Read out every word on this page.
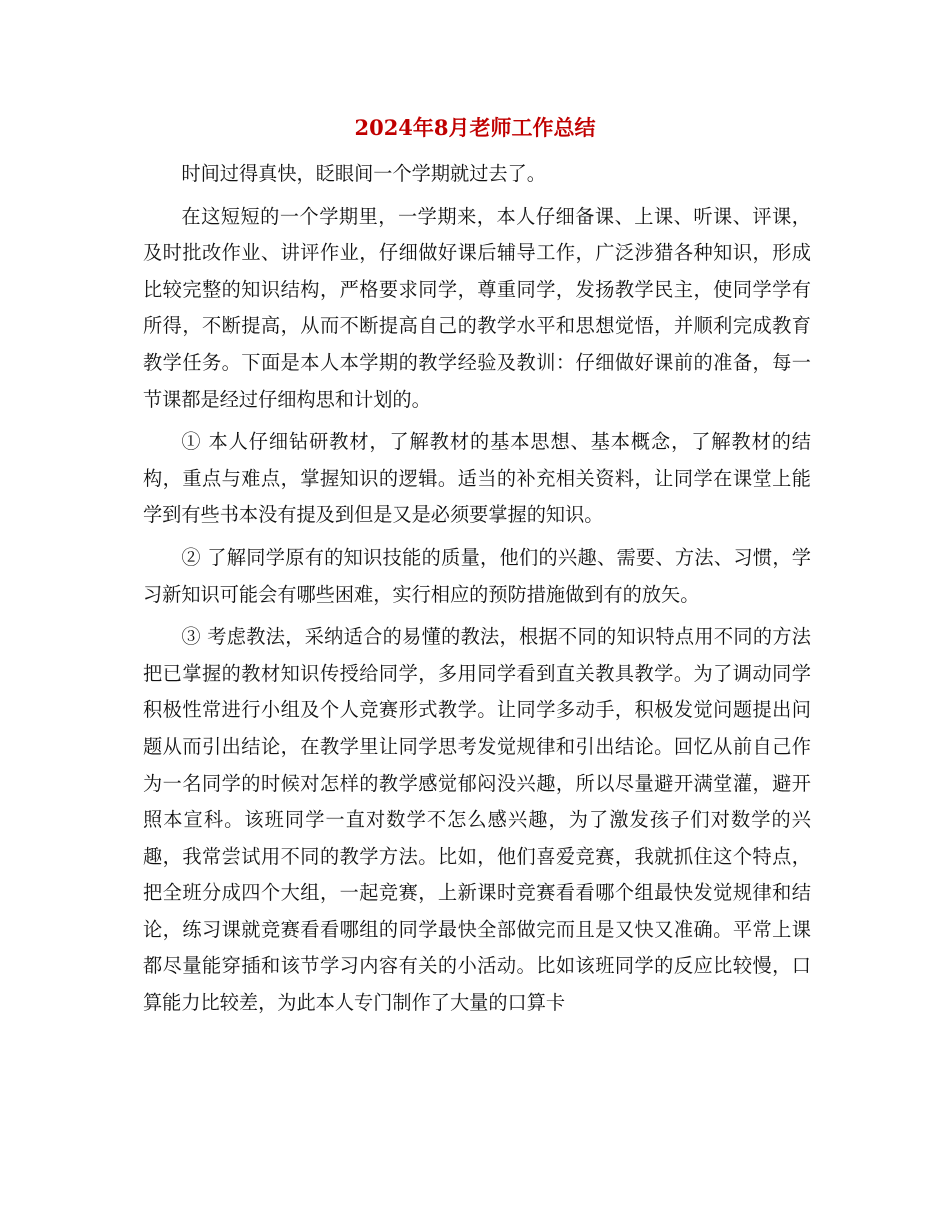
2024年8月老师工作总结

时间过得真快，眨眼间一个学期就过去了。

在这短短的一个学期里，一学期来，本人仔细备课、上课、听课、评课，及时批改作业、讲评作业，仔细做好课后辅导工作，广泛涉猎各种知识，形成比较完整的知识结构，严格要求同学，尊重同学，发扬教学民主，使同学学有所得，不断提高，从而不断提高自己的教学水平和思想觉悟，并顺利完成教育教学任务。下面是本人本学期的教学经验及教训：仔细做好课前的准备，每一节课都是经过仔细构思和计划的。

① 本人仔细钻研教材，了解教材的基本思想、基本概念，了解教材的结构，重点与难点，掌握知识的逻辑。适当的补充相关资料，让同学在课堂上能学到有些书本没有提及到但是又是必须要掌握的知识。

② 了解同学原有的知识技能的质量，他们的兴趣、需要、方法、习惯，学习新知识可能会有哪些困难，实行相应的预防措施做到有的放矢。

③ 考虑教法，采纳适合的易懂的教法，根据不同的知识特点用不同的方法把已掌握的教材知识传授给同学，多用同学看到直关教具教学。为了调动同学积极性常进行小组及个人竞赛形式教学。让同学多动手，积极发觉问题提出问题从而引出结论，在教学里让同学思考发觉规律和引出结论。回忆从前自己作为一名同学的时候对怎样的教学感觉郁闷没兴趣，所以尽量避开满堂灌，避开照本宣科。该班同学一直对数学不怎么感兴趣，为了激发孩子们对数学的兴趣，我常尝试用不同的教学方法。比如，他们喜爱竞赛，我就抓住这个特点，把全班分成四个大组，一起竞赛，上新课时竞赛看看哪个组最快发觉规律和结论，练习课就竞赛看看哪组的同学最快全部做完而且是又快又准确。平常上课都尽量能穿插和该节学习内容有关的小活动。比如该班同学的反应比较慢，口算能力比较差，为此本人专门制作了大量的口算卡
